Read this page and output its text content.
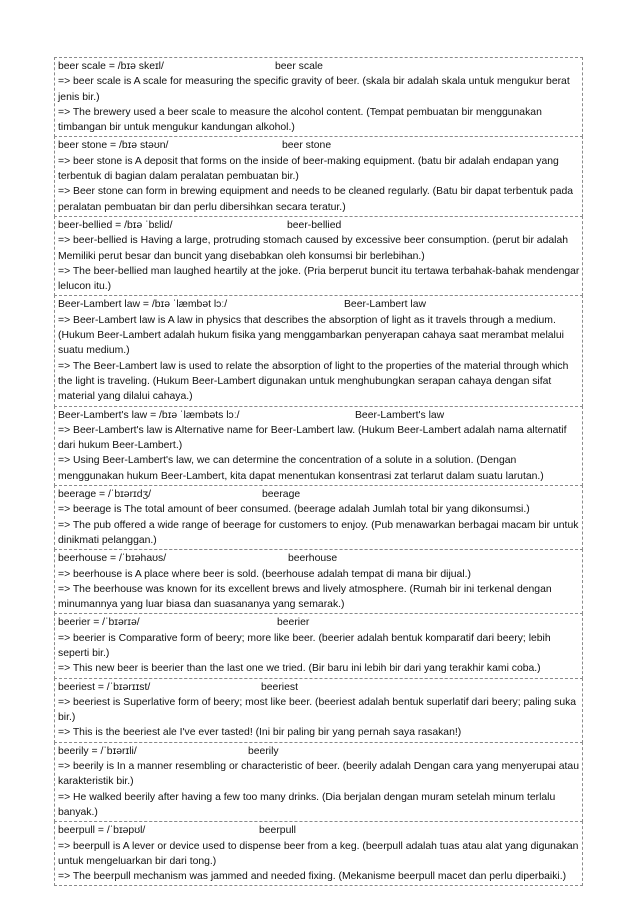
beer scale = /bɪə skeɪl/	beer scale
=> beer scale is A scale for measuring the specific gravity of beer. (skala bir adalah skala untuk mengukur berat jenis bir.)
=> The brewery used a beer scale to measure the alcohol content. (Tempat pembuatan bir menggunakan timbangan bir untuk mengukur kandungan alkohol.)
beer stone = /bɪə stəʊn/	beer stone
=> beer stone is A deposit that forms on the inside of beer-making equipment. (batu bir adalah endapan yang terbentuk di bagian dalam peralatan pembuatan bir.)
=> Beer stone can form in brewing equipment and needs to be cleaned regularly. (Batu bir dapat terbentuk pada peralatan pembuatan bir dan perlu dibersihkan secara teratur.)
beer-bellied = /bɪə ˈbɛlid/	beer-bellied
=> beer-bellied is Having a large, protruding stomach caused by excessive beer consumption. (perut bir adalah Memiliki perut besar dan buncit yang disebabkan oleh konsumsi bir berlebihan.)
=> The beer-bellied man laughed heartily at the joke. (Pria berperut buncit itu tertawa terbahak-bahak mendengar lelucon itu.)
Beer-Lambert law = /bɪə ˈlæmbət lɔː/	Beer-Lambert law
=> Beer-Lambert law is A law in physics that describes the absorption of light as it travels through a medium. (Hukum Beer-Lambert adalah hukum fisika yang menggambarkan penyerapan cahaya saat merambat melalui suatu medium.)
=> The Beer-Lambert law is used to relate the absorption of light to the properties of the material through which the light is traveling. (Hukum Beer-Lambert digunakan untuk menghubungkan serapan cahaya dengan sifat material yang dilalui cahaya.)
Beer-Lambert's law = /bɪə ˈlæmbəts lɔː/	Beer-Lambert's law
=> Beer-Lambert's law is Alternative name for Beer-Lambert law. (Hukum Beer-Lambert adalah nama alternatif dari hukum Beer-Lambert.)
=> Using Beer-Lambert's law, we can determine the concentration of a solute in a solution. (Dengan menggunakan hukum Beer-Lambert, kita dapat menentukan konsentrasi zat terlarut dalam suatu larutan.)
beerage = /ˈbɪərɪdʒ/	beerage
=> beerage is The total amount of beer consumed. (beerage adalah Jumlah total bir yang dikonsumsi.)
=> The pub offered a wide range of beerage for customers to enjoy. (Pub menawarkan berbagai macam bir untuk dinikmati pelanggan.)
beerhouse = /ˈbɪəhaʊs/	beerhouse
=> beerhouse is A place where beer is sold. (beerhouse adalah tempat di mana bir dijual.)
=> The beerhouse was known for its excellent brews and lively atmosphere. (Rumah bir ini terkenal dengan minumannya yang luar biasa dan suasananya yang semarak.)
beerier = /ˈbɪərɪə/	beerier
=> beerier is Comparative form of beery; more like beer. (beerier adalah bentuk komparatif dari beery; lebih seperti bir.)
=> This new beer is beerier than the last one we tried. (Bir baru ini lebih bir dari yang terakhir kami coba.)
beeriest = /ˈbɪərɪɪst/	beeriest
=> beeriest is Superlative form of beery; most like beer. (beeriest adalah bentuk superlatif dari beery; paling suka bir.)
=> This is the beeriest ale I've ever tasted! (Ini bir paling bir yang pernah saya rasakan!)
beerily = /ˈbɪərɪli/	beerily
=> beerily is In a manner resembling or characteristic of beer. (beerily adalah Dengan cara yang menyerupai atau karakteristik bir.)
=> He walked beerily after having a few too many drinks. (Dia berjalan dengan muram setelah minum terlalu banyak.)
beerpull = /ˈbɪəpʊl/	beerpull
=> beerpull is A lever or device used to dispense beer from a keg. (beerpull adalah tuas atau alat yang digunakan untuk mengeluarkan bir dari tong.)
=> The beerpull mechanism was jammed and needed fixing. (Mekanisme beerpull macet dan perlu diperbaiki.)
